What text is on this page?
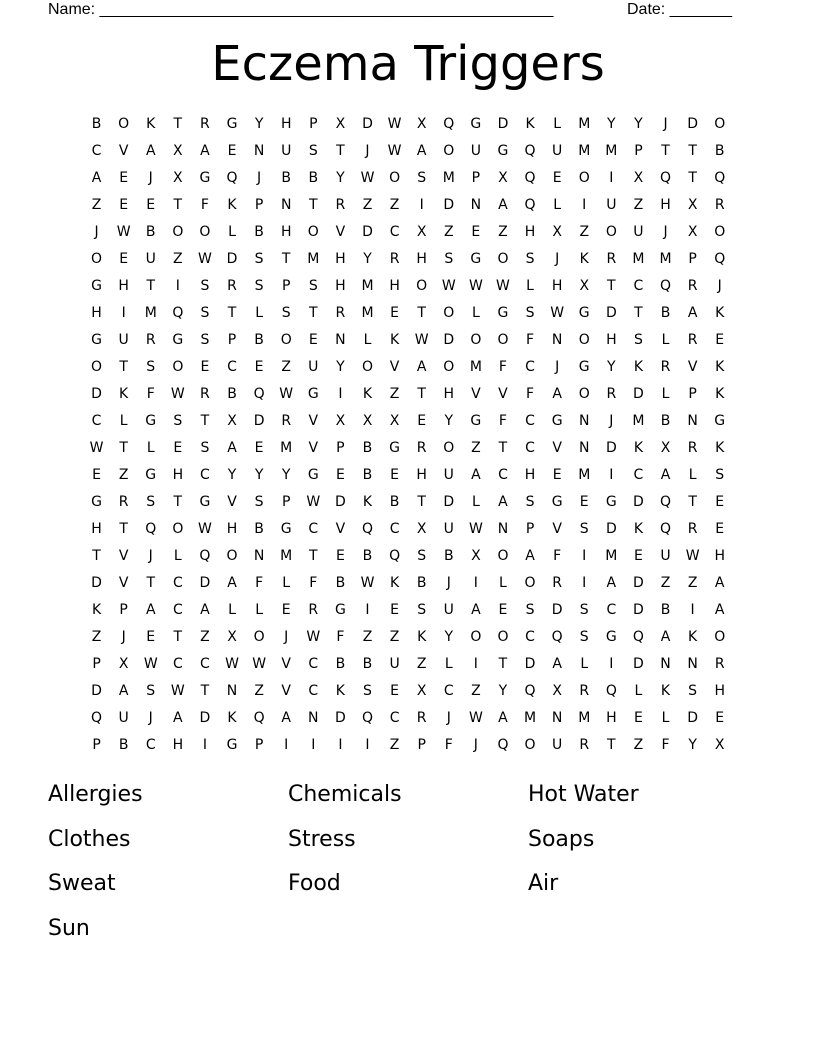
Name: ___________________________________________________	Date: _______
Eczema Triggers
B	O	K	T	R	G	Y	H	P	X	D	W	X	Q	G	D	K	L	M	Y	Y	J	D	O
C	V	A	X	A	E	N	U	S	T	J	W	A	O	U	G	Q	U	M	M	P	T	T	B
A	E	J	X	G	Q	J	B	B	Y	W	O	S	M	P	X	Q	E	O	I	X	Q	T	Q
Z	E	E	T	F	K	P	N	T	R	Z	Z	I	D	N	A	Q	L	I	U	Z	H	X	R
J	W	B	O	O	L	B	H	O	V	D	C	X	Z	E	Z	H	X	Z	O	U	J	X	O
O	E	U	Z	W	D	S	T	M	H	Y	R	H	S	G	O	S	J	K	R	M	M	P	Q
G	H	T	I	S	R	S	P	S	H	M	H	O	W W W	L	H	X	T	C	Q	R	J
H	I	M	Q	S	T	L	S	T	R	M	E	T	O	L	G	S	W	G	D	T	B	A	K
G	U	R	G	S	P	B	O	E	N	L	K	W	D	O	O	F	N	O	H	S	L	R	E
O	T	S	O	E	C	E	Z	U	Y	O	V	A	O	M	F	C	J	G	Y	K	R	V	K
D	K	F	W	R	B	Q	W	G	I	K	Z	T	H	V	V	F	A	O	R	D	L	P	K
C	L	G	S	T	X	D	R	V	X	X	X	E	Y	G	F	C	G	N	J	M	B	N	G
W	T	L	E	S	A	E	M	V	P	B	G	R	O	Z	T	C	V	N	D	K	X	R	K
E	Z	G	H	C	Y	Y	Y	G	E	B	E	H	U	A	C	H	E	M	I	C	A	L	S
G	R	S	T	G	V	S	P	W	D	K	B	T	D	L	A	S	G	E	G	D	Q	T	E
H	T	Q	O	W	H	B	G	C	V	Q	C	X	U	W	N	P	V	S	D	K	Q	R	E
T	V	J	L	Q	O	N	M	T	E	B	Q	S	B	X	O	A	F	I	M	E	U	W	H
D	V	T	C	D	A	F	L	F	B	W	K	B	J	I	L	O	R	I	A	D	Z	Z	A
K	P	A	C	A	L	L	E	R	G	I	E	S	U	A	E	S	D	S	C	D	B	I	A
Z	J	E	T	Z	X	O	J	W	F	Z	Z	K	Y	O	O	C	Q	S	G	Q	A	K	O
P	X	W	C	C	W W	V	C	B	B	U	Z	L	I	T	D	A	L	I	D	N	N	R
D	A	S	W	T	N	Z	V	C	K	S	E	X	C	Z	Y	Q	X	R	Q	L	K	S	H
Q	U	J	A	D	K	Q	A	N	D	Q	C	R	J	W	A	M	N	M	H	E	L	D	E
P	B	C	H	I	G	P	I	I	I	I	Z	P	F	J	Q	O	U	R	T	Z	F	Y	X
Allergies	Chemicals	Hot Water
Clothes	Stress	Soaps
Sweat	Food	Air
Sun
